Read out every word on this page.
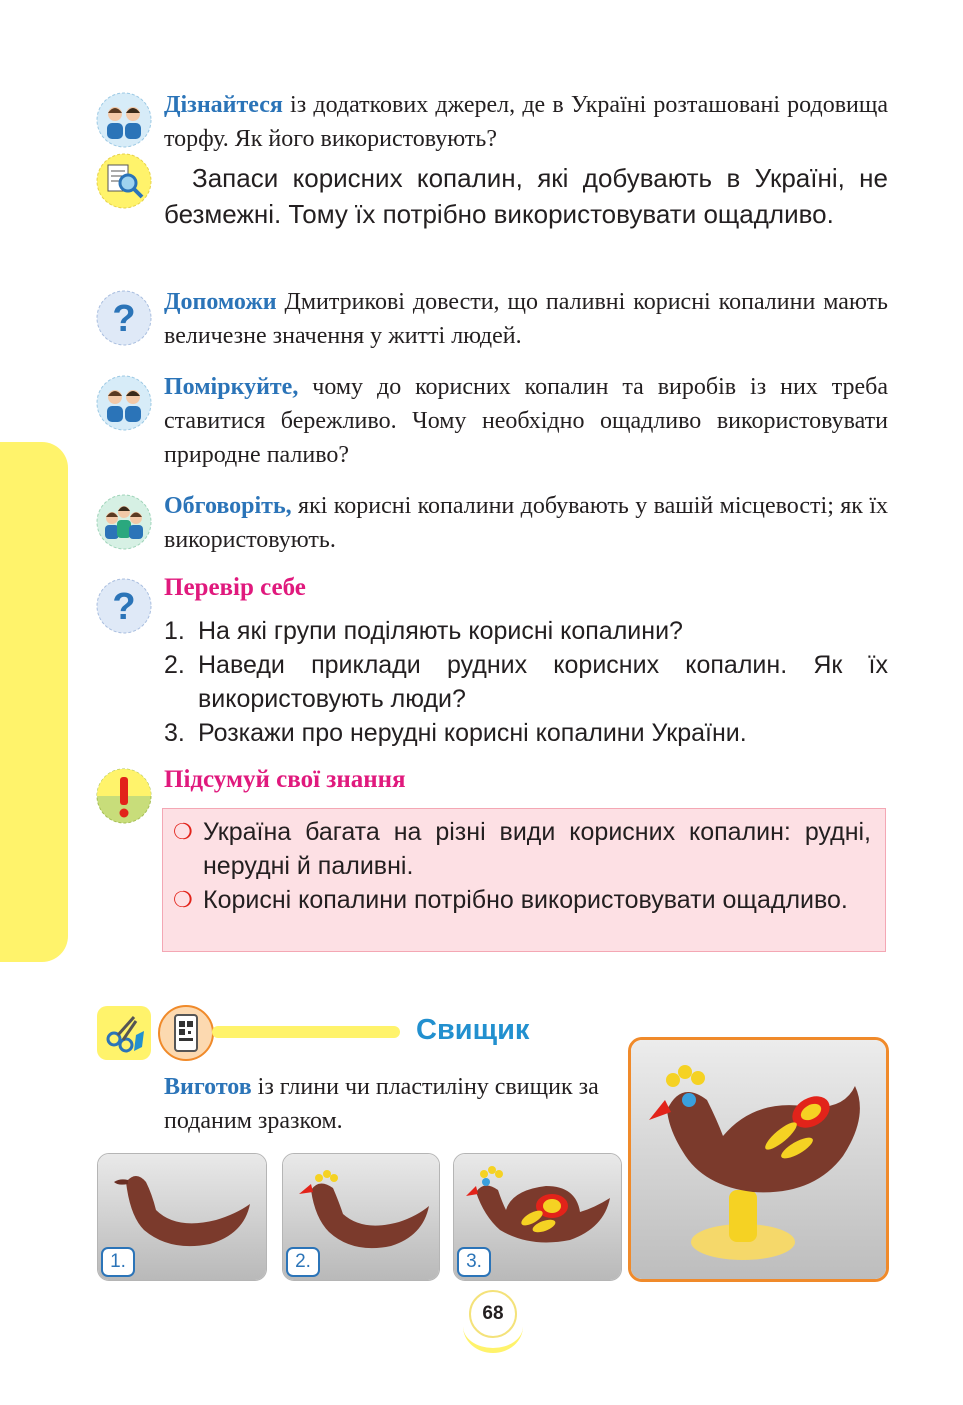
Дізнайтеся із додаткових джерел, де в Україні розташовані родовища торфу. Як його використовують?

Запаси корисних копалин, які добувають в Україні, не безмежні. Тому їх потрібно використовувати ощадливо.

? Допоможи Дмитрикові довести, що паливні корисні копалини мають величезне значення у житті людей.

Поміркуйте, чому до корисних копалин та виробів із них треба ставитися бережливо. Чому необхідно ощадливо використовувати природне паливо?

Обговоріть, які корисні копалини добувають у вашій місцевості; як їх використовують.

? Перевір себе

1. На які групи поділяють корисні копалини?
2. Наведи приклади рудних корисних копалин. Як їх використовують люди?
3. Розкажи про нерудні корисні копалини України.

Підсумуй свої знання

❍ Україна багата на різні види корисних копалин: рудні, нерудні й паливні.
❍ Корисні копалини потрібно використовувати ощадливо.

Свищик

Виготов із глини чи пластиліну свищик за поданим зразком.

1.	2.	3.
68
